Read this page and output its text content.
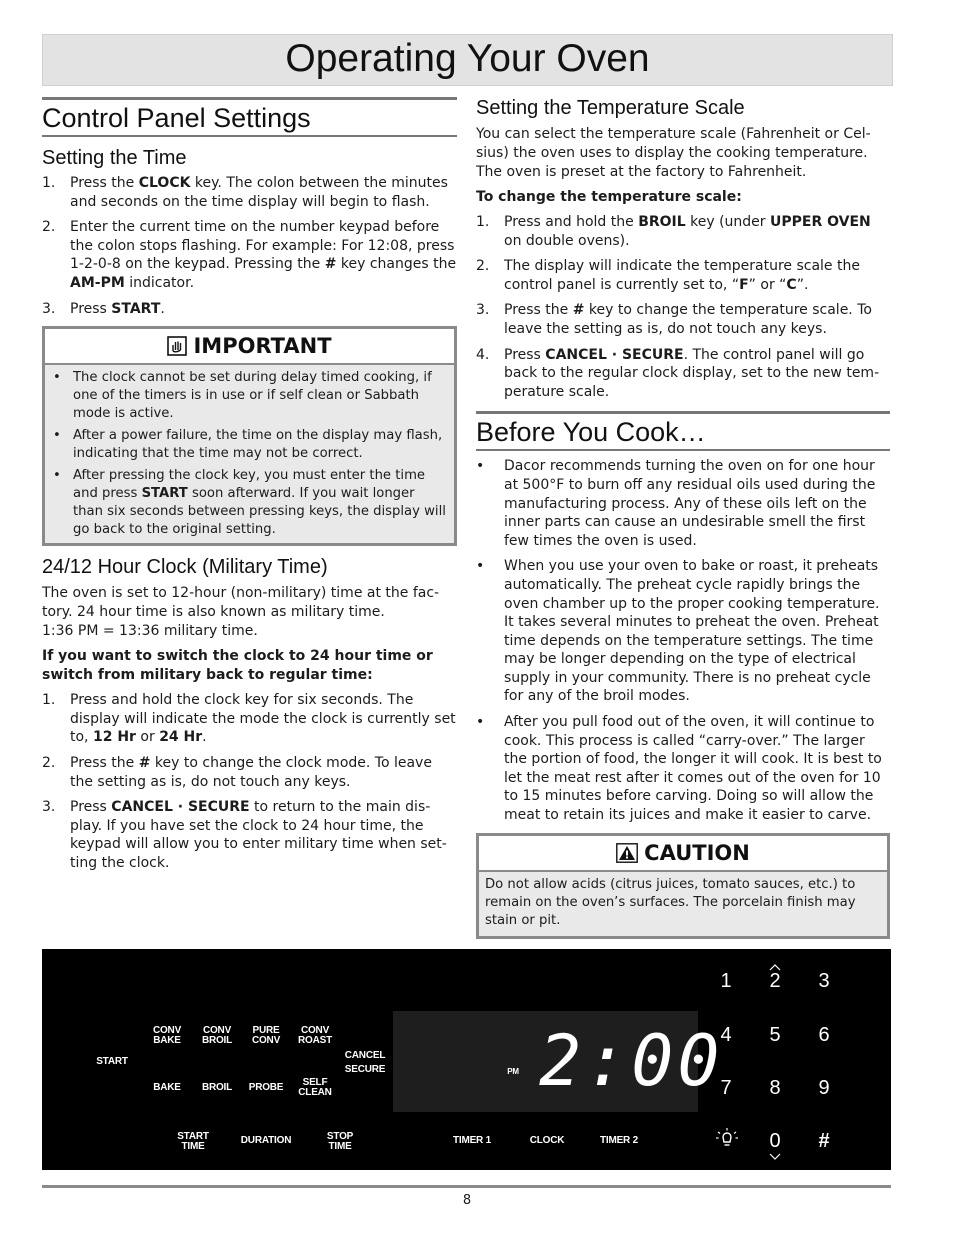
Operating Your Oven
Control Panel Settings
Setting the Time
1. Press the CLOCK key. The colon between the minutes and seconds on the time display will begin to flash.
2. Enter the current time on the number keypad before the colon stops flashing. For example: For 12:08, press 1-2-0-8 on the keypad. Pressing the # key changes the AM-PM indicator.
3. Press START.
IMPORTANT
• The clock cannot be set during delay timed cooking, if one of the timers is in use or if self clean or Sabbath mode is active.
• After a power failure, the time on the display may flash, indicating that the time may not be correct.
• After pressing the clock key, you must enter the time and press START soon afterward. If you wait longer than six seconds between pressing keys, the display will go back to the original setting.
24/12 Hour Clock (Military Time)

The oven is set to 12-hour (non-military) time at the fac-tory. 24 hour time is also known as military time.

1:36 PM = 13:36 military time.

If you want to switch the clock to 24 hour time or switch from military back to regular time:

1. Press and hold the clock key for six seconds. The display will indicate the mode the clock is currently set to, 12 Hr or 24 Hr.
2. Press the # key to change the clock mode. To leave the setting as is, do not touch any keys.
3. Press CANCEL · SECURE to return to the main dis-play. If you have set the clock to 24 hour time, the keypad will allow you to enter military time when set-ting the clock.
Setting the Temperature Scale

You can select the temperature scale (Fahrenheit or Cel-sius) the oven uses to display the cooking temperature. The oven is preset at the factory to Fahrenheit.

To change the temperature scale:

1. Press and hold the BROIL key (under UPPER OVEN on double ovens).
2. The display will indicate the temperature scale the control panel is currently set to, “F” or “C”.
3. Press the # key to change the temperature scale. To leave the setting as is, do not touch any keys.
4. Press CANCEL · SECURE. The control panel will go back to the regular clock display, set to the new tem-perature scale.
Before You Cook…
• Dacor recommends turning the oven on for one hour at 500°F to burn off any residual oils used during the manufacturing process. Any of these oils left on the inner parts can cause an undesirable smell the first few times the oven is used.
• When you use your oven to bake or roast, it preheats automatically. The preheat cycle rapidly brings the oven chamber up to the proper cooking temperature. It takes several minutes to preheat the oven. Preheat time depends on the temperature settings. The time may be longer depending on the type of electrical supply in your community. There is no preheat cycle for any of the broil modes.
• After you pull food out of the oven, it will continue to cook. This process is called “carry-over.” The larger the portion of food, the longer it will cook. It is best to let the meat rest after it comes out of the oven for 10 to 15 minutes before carving. Doing so will allow the meat to retain its juices and make it easier to carve.
CAUTION
Do not allow acids (citrus juices, tomato sauces, etc.) to remain on the oven’s surfaces. The porcelain finish may stain or pit.
START
CONV
BAKE
CONV
BROIL
PURE
CONV
CONV
ROAST
CANCEL
SECURE
BAKE	BROIL	PROBE	SELF
CLEAN
START
TIME
DURATION	STOP
TIME
TIMER 1	CLOCK	TIMER 2
PM 2:00
1	2	3
4	5	6
7	8	9
0	#
8
